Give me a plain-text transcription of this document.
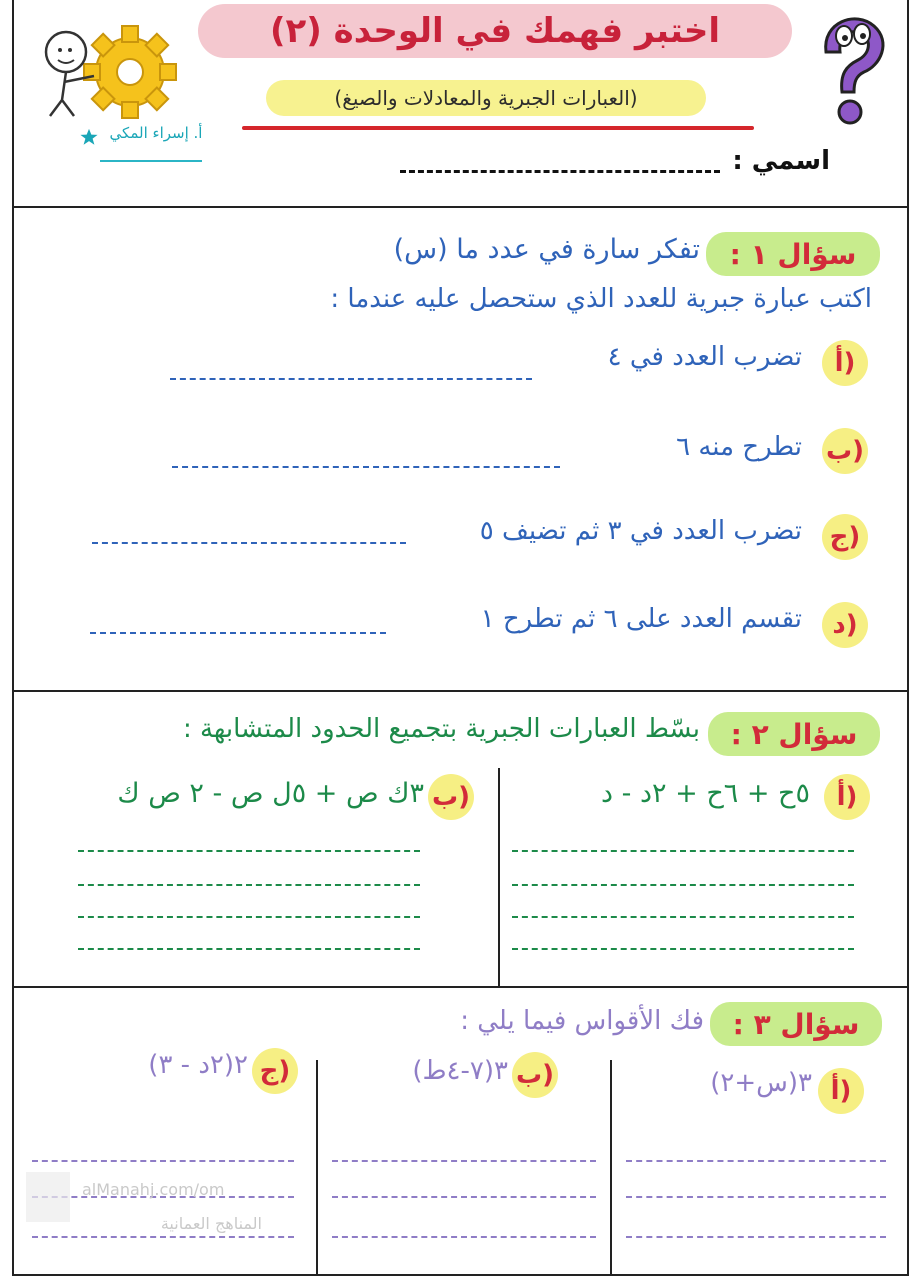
اختبر فهمك في الوحدة (٢)
(العبارات الجبرية والمعادلات والصيغ)
اسمي :
أ. إسراء المكي
سؤال ١ :
تفكر سارة في عدد ما (س)
اكتب عبارة جبرية للعدد الذي ستحصل عليه عندما :
أ)
تضرب العدد في ٤
ب)
تطرح منه ٦
ج)
تضرب العدد في ٣ ثم تضيف ٥
د)
تقسم العدد على ٦ ثم تطرح ١
سؤال ٢ :
بسّط العبارات الجبرية بتجميع الحدود المتشابهة :
أ)
٥ح + ٦ح + ٢د - د
ب)
٣ك ص + ٥ل ص - ٢ ص ك
سؤال ٣ :
فك الأقواس فيما يلي :
أ)
٣(س+٢)
ب)
٣(٧-٤ط)
ج)
٢(٢د - ٣)
alManahj.com/om
المناهج العمانية
